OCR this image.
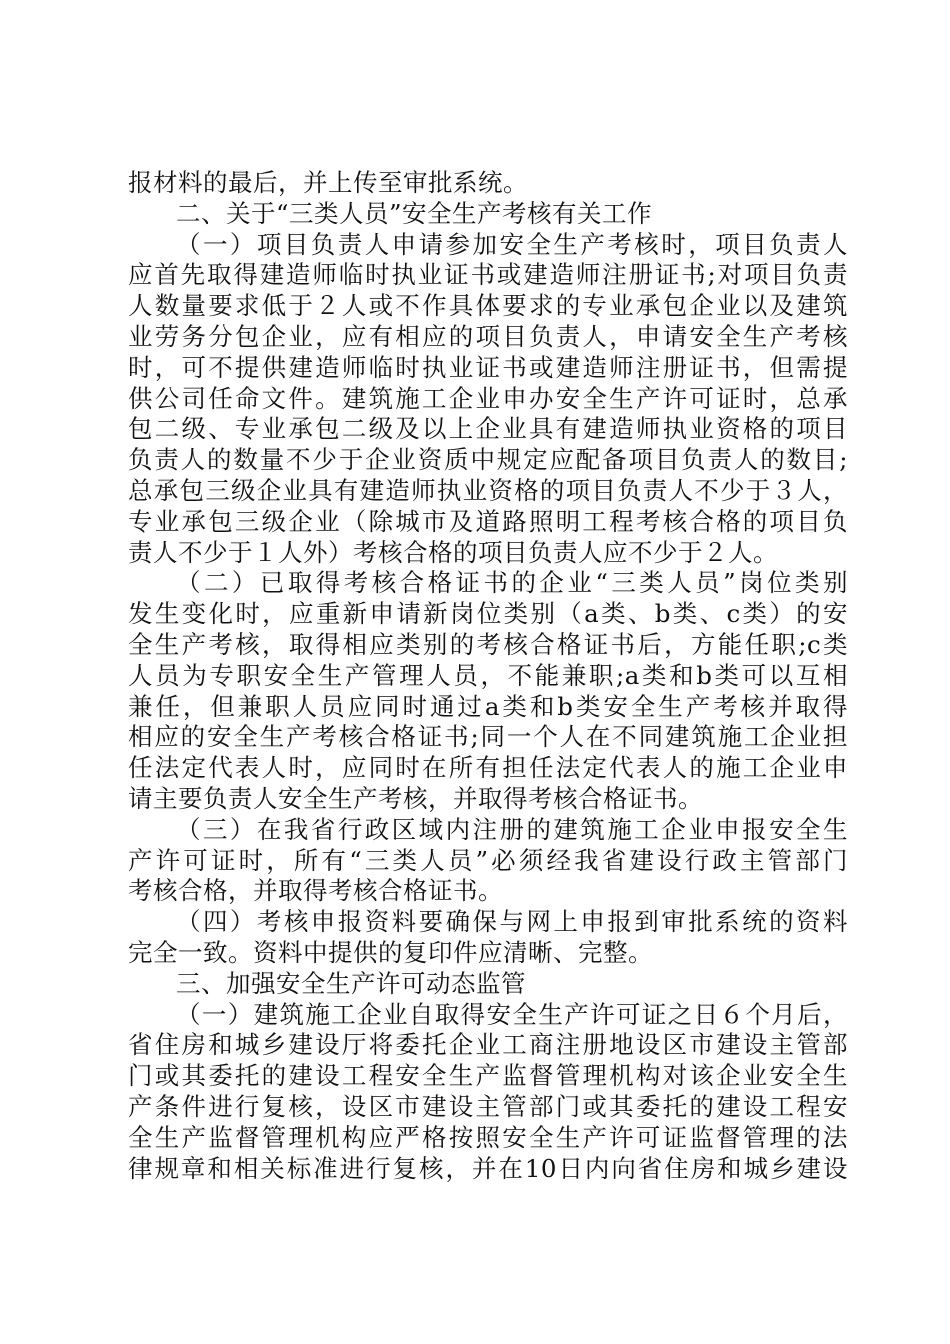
报材料的最后，并上传至审批系统。
二、关于“三类人员”安全生产考核有关工作
（一）项目负责人申请参加安全生产考核时，项目负责人
应首先取得建造师临时执业证书或建造师注册证书;对项目负责
人数量要求低于２人或不作具体要求的专业承包企业以及建筑
业劳务分包企业，应有相应的项目负责人，申请安全生产考核
时，可不提供建造师临时执业证书或建造师注册证书，但需提
供公司任命文件。建筑施工企业申办安全生产许可证时，总承
包二级、专业承包二级及以上企业具有建造师执业资格的项目
负责人的数量不少于企业资质中规定应配备项目负责人的数目;
总承包三级企业具有建造师执业资格的项目负责人不少于３人，
专业承包三级企业（除城市及道路照明工程考核合格的项目负
责人不少于１人外）考核合格的项目负责人应不少于２人。
（二）已取得考核合格证书的企业“三类人员”岗位类别
发生变化时，应重新申请新岗位类别（a类、b类、c类）的安
全生产考核，取得相应类别的考核合格证书后，方能任职;c类
人员为专职安全生产管理人员，不能兼职;a类和b类可以互相
兼任，但兼职人员应同时通过a类和b类安全生产考核并取得
相应的安全生产考核合格证书;同一个人在不同建筑施工企业担
任法定代表人时，应同时在所有担任法定代表人的施工企业申
请主要负责人安全生产考核，并取得考核合格证书。
（三）在我省行政区域内注册的建筑施工企业申报安全生
产许可证时，所有“三类人员”必须经我省建设行政主管部门
考核合格，并取得考核合格证书。
（四）考核申报资料要确保与网上申报到审批系统的资料
完全一致。资料中提供的复印件应清晰、完整。
三、加强安全生产许可动态监管
（一）建筑施工企业自取得安全生产许可证之日６个月后，
省住房和城乡建设厅将委托企业工商注册地设区市建设主管部
门或其委托的建设工程安全生产监督管理机构对该企业安全生
产条件进行复核，设区市建设主管部门或其委托的建设工程安
全生产监督管理机构应严格按照安全生产许可证监督管理的法
律规章和相关标准进行复核，并在10日内向省住房和城乡建设
